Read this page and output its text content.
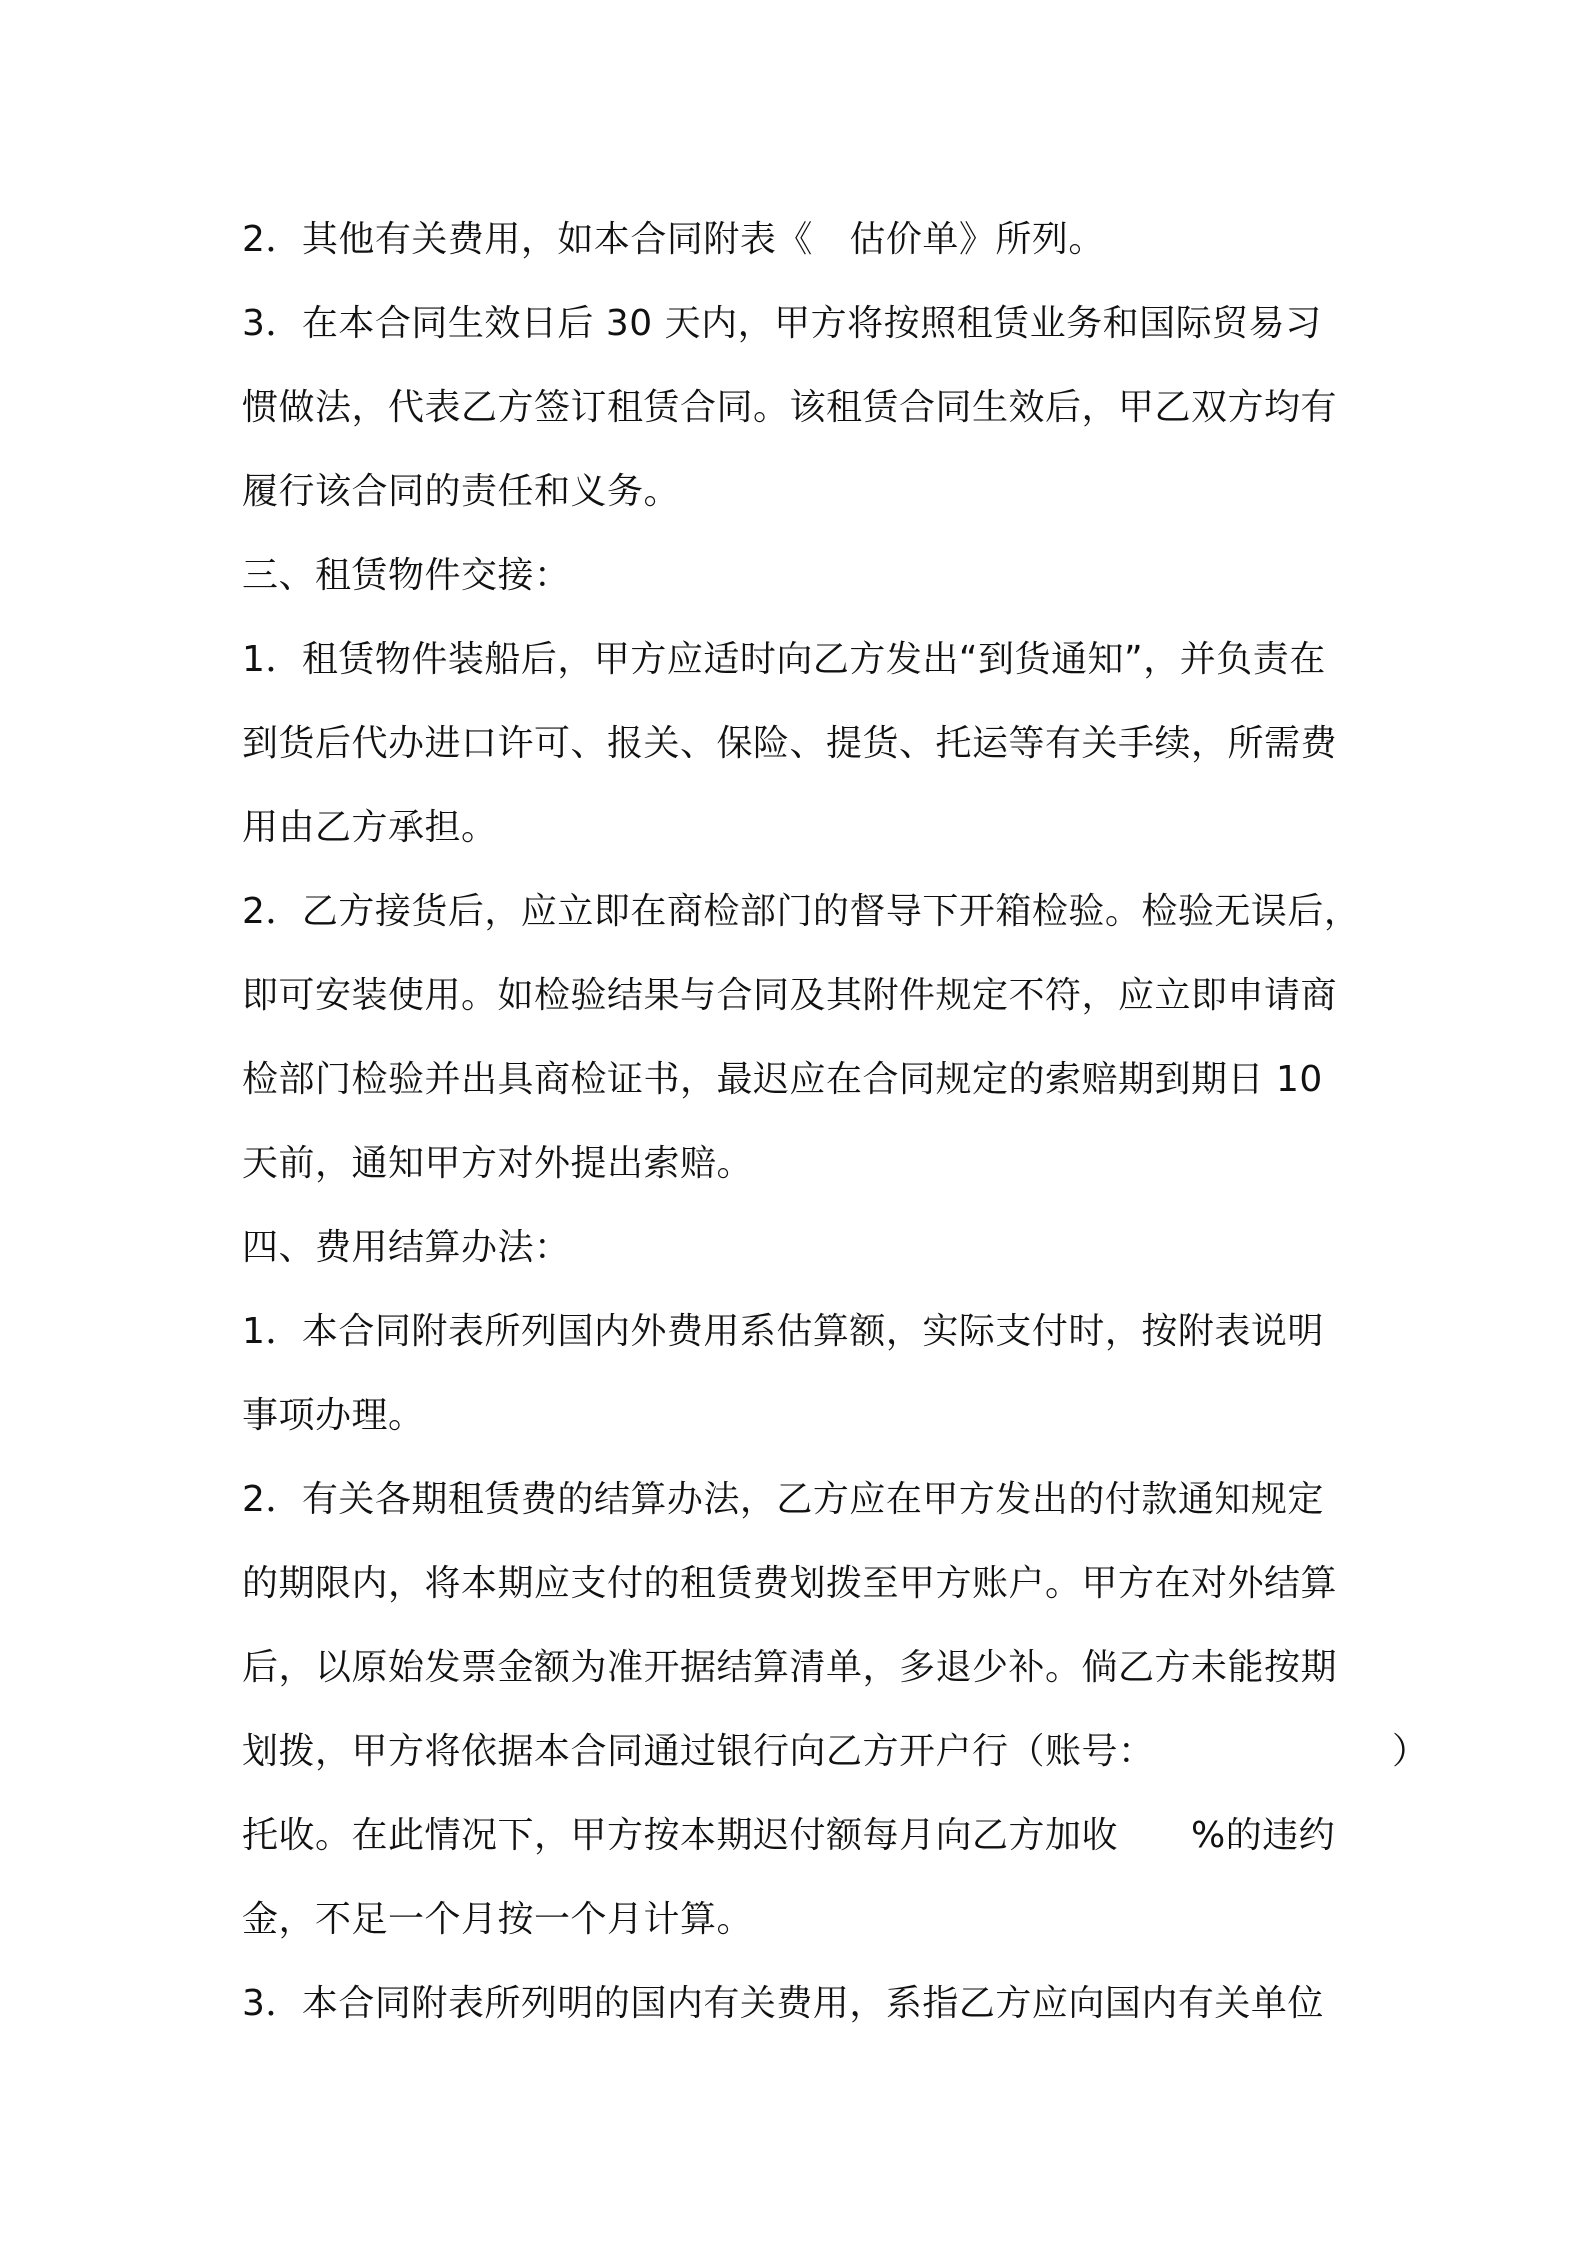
2．其他有关费用，如本合同附表《　估价单》所列。
3．在本合同生效日后 30 天内，甲方将按照租赁业务和国际贸易习
惯做法，代表乙方签订租赁合同。该租赁合同生效后，甲乙双方均有
履行该合同的责任和义务。
三、租赁物件交接：
1．租赁物件装船后，甲方应适时向乙方发出“到货通知”，并负责在
到货后代办进口许可、报关、保险、提货、托运等有关手续，所需费
用由乙方承担。
2．乙方接货后，应立即在商检部门的督导下开箱检验。检验无误后，
即可安装使用。如检验结果与合同及其附件规定不符，应立即申请商
检部门检验并出具商检证书，最迟应在合同规定的索赔期到期日 10
天前，通知甲方对外提出索赔。
四、费用结算办法：
1．本合同附表所列国内外费用系估算额，实际支付时，按附表说明
事项办理。
2．有关各期租赁费的结算办法，乙方应在甲方发出的付款通知规定
的期限内，将本期应支付的租赁费划拨至甲方账户。甲方在对外结算
后，以原始发票金额为准开据结算清单，多退少补。倘乙方未能按期
划拨，甲方将依据本合同通过银行向乙方开户行（账号：　　　　　　　）
托收。在此情况下，甲方按本期迟付额每月向乙方加收　　%的违约
金，不足一个月按一个月计算。
3．本合同附表所列明的国内有关费用，系指乙方应向国内有关单位
